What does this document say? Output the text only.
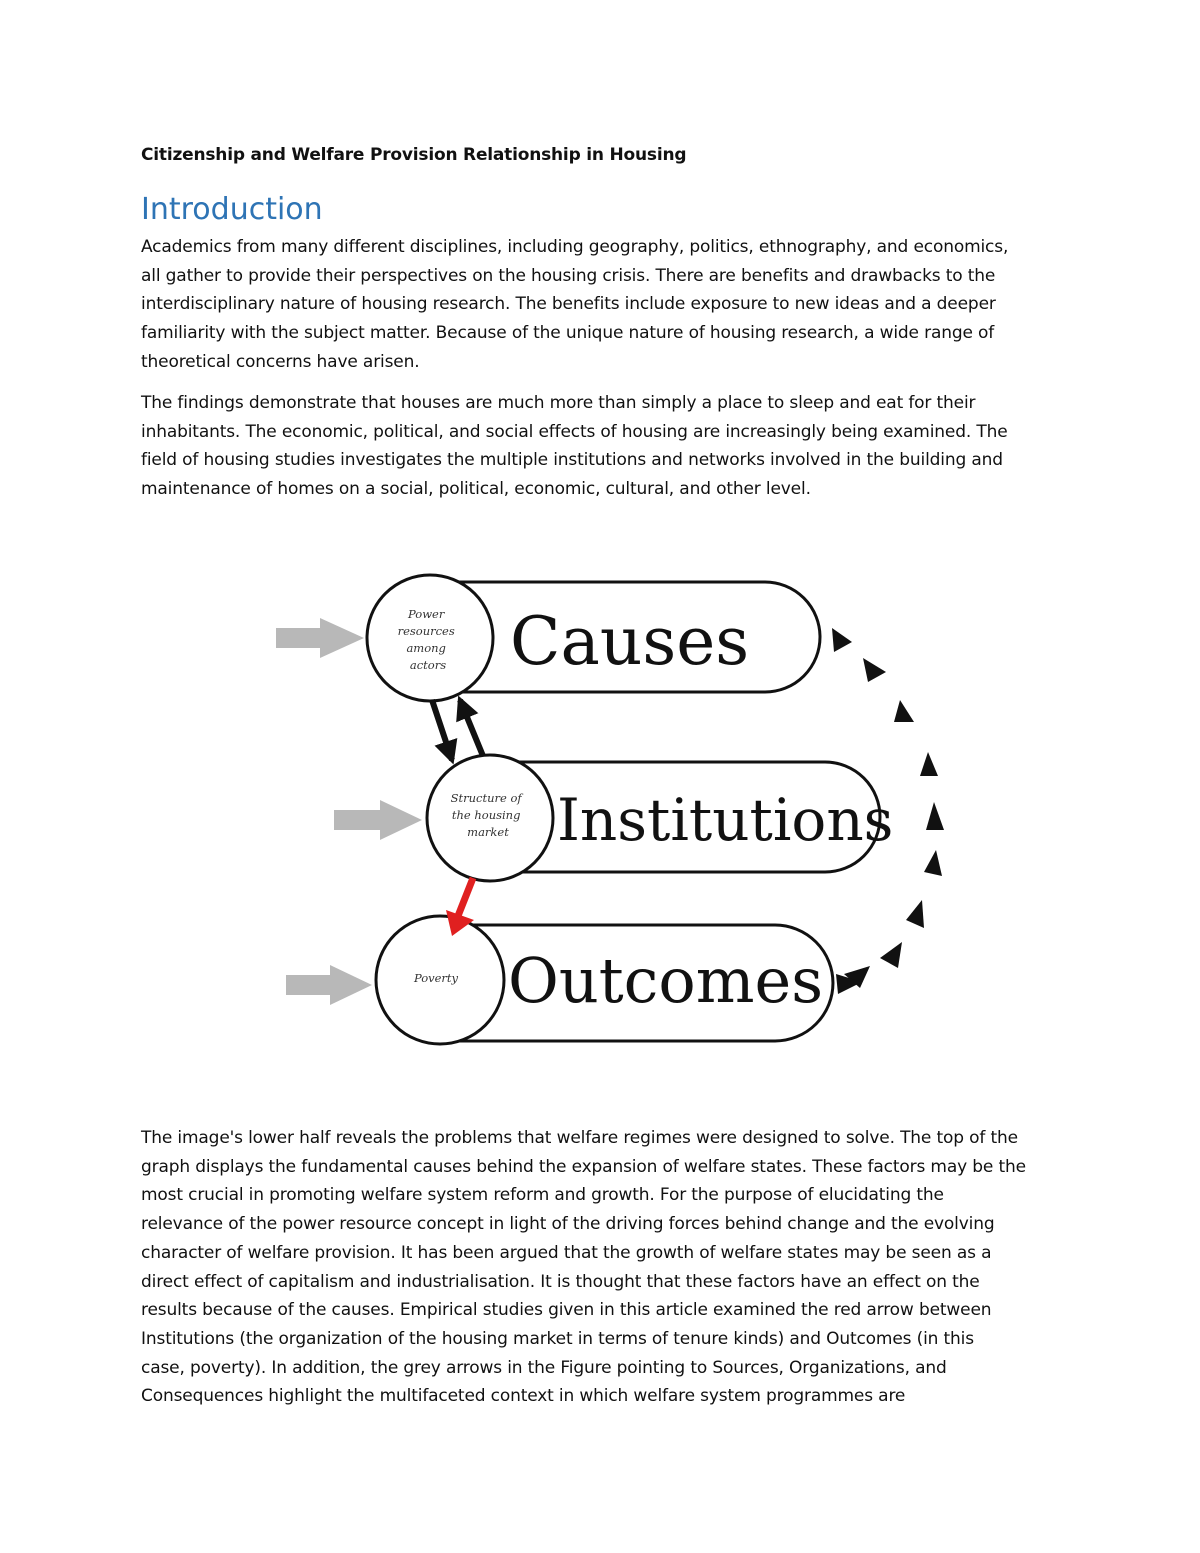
Citizenship and Welfare Provision Relationship in Housing
Introduction
Academics from many different disciplines, including geography, politics, ethnography, and economics,
all gather to provide their perspectives on the housing crisis. There are benefits and drawbacks to the
interdisciplinary nature of housing research. The benefits include exposure to new ideas and a deeper
familiarity with the subject matter. Because of the unique nature of housing research, a wide range of
theoretical concerns have arisen.
The findings demonstrate that houses are much more than simply a place to sleep and eat for their
inhabitants. The economic, political, and social effects of housing are increasingly being examined. The
field of housing studies investigates the multiple institutions and networks involved in the building and
maintenance of homes on a social, political, economic, cultural, and other level.
Power resources among actors
Structure of the housing market
Poverty
Causes
Institutions
Outcomes
The image's lower half reveals the problems that welfare regimes were designed to solve. The top of the
graph displays the fundamental causes behind the expansion of welfare states. These factors may be the
most crucial in promoting welfare system reform and growth. For the purpose of elucidating the
relevance of the power resource concept in light of the driving forces behind change and the evolving
character of welfare provision. It has been argued that the growth of welfare states may be seen as a
direct effect of capitalism and industrialisation. It is thought that these factors have an effect on the
results because of the causes. Empirical studies given in this article examined the red arrow between
Institutions (the organization of the housing market in terms of tenure kinds) and Outcomes (in this
case, poverty). In addition, the grey arrows in the Figure pointing to Sources, Organizations, and
Consequences highlight the multifaceted context in which welfare system programmes are
